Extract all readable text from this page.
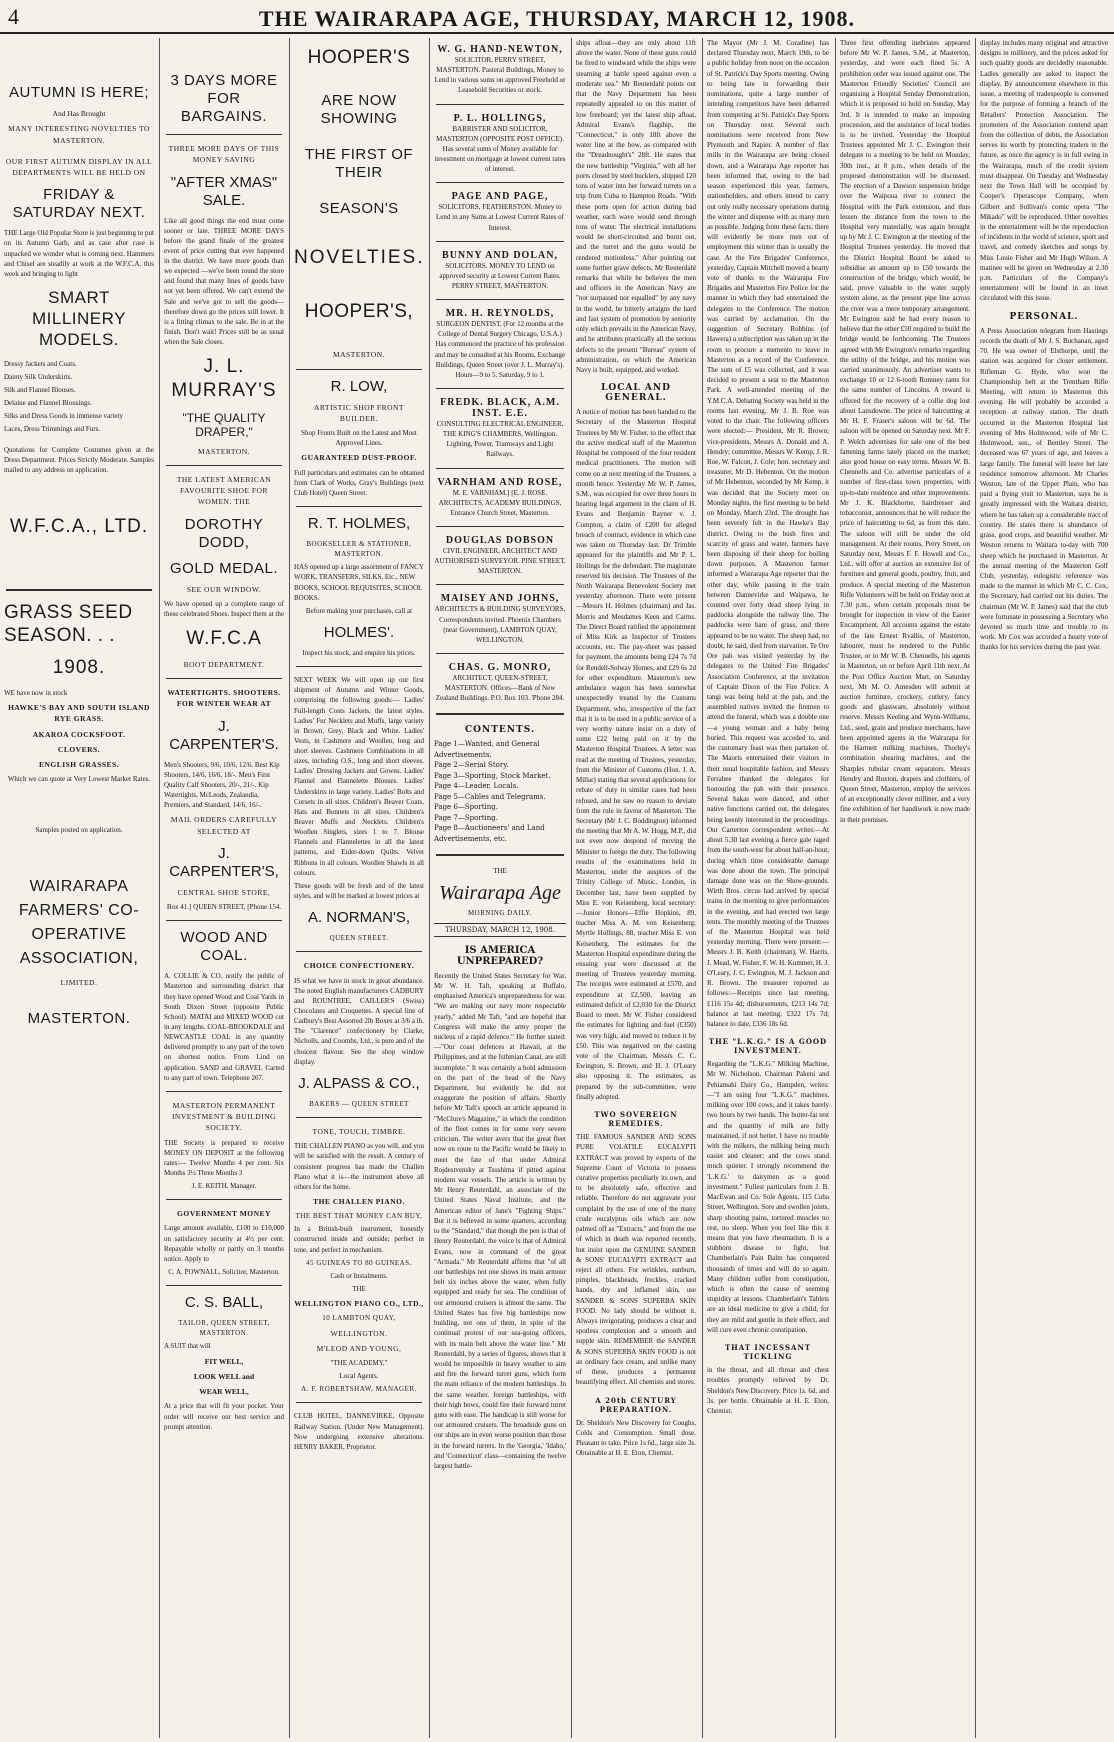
4	THE WAIRARAPA AGE, THURSDAY, MARCH 12, 1908.
AUTUMN IS HERE;
And Has Brought
MANY INTERESTING NOVELTIES TO MASTERTON.
OUR FIRST AUTUMN DISPLAY IN ALL DEPARTMENTS WILL BE HELD ON
FRIDAY & SATURDAY NEXT.
THE Large Old Popular Store is just beginning to put on its Autumn Garb, and as case after case is unpacked we wonder what is coming next. Hammers and Chisel are steadily at work at the W.F.C.A. this week and bringing to light
SMART MILLINERY MODELS.
Dressy Jackets and Coats.
Dainty Silk Underskirts.
Silk and Flannel Blouses.
Delaine and Flannel Blousings.
Silks and Dress Goods in immense variety
Laces, Dress Trimmings and Furs.
Quotations for Complete Costumes given at the Dress Department. Prices Strictly Moderate. Samples mailed to any address on application.
W.F.C.A., LTD.
GRASS SEED SEASON. . .
1908.
WE have now in stock
HAWKE'S BAY AND SOUTH ISLAND RYE GRASS.
AKAROA COCKSFOOT.
CLOVERS.
ENGLISH GRASSES.
Which we can quote at Very Lowest Market Rates.
Samples posted on application.
WAIRARAPA FARMERS' CO-OPERATIVE ASSOCIATION,
LIMITED.
MASTERTON.
3 DAYS MORE FOR BARGAINS.
THREE MORE DAYS OF THIS MONEY SAVING
"AFTER XMAS" SALE.
Like all good things the end must come sooner or late. THREE MORE DAYS before the grand finale of the greatest event of price cutting that ever happened in the district. We have more goods than we expected —we've been round the store and found that many lines of goods have not yet been offered. We can't extend the Sale and we've got to sell the goods—therefore down go the prices still lower. It is a fitting climax to the sale. Be in at the finish. Don't wait! Prices still be as usual when the Sale closes.
J. L. MURRAY'S
"THE QUALITY DRAPER,"
MASTERTON.
THE LATEST AMERICAN FAVOURITE SHOE FOR WOMEN. THE
DOROTHY DODD,
GOLD MEDAL.
SEE OUR WINDOW.
We have opened up a complete range of these celebrated Shoes. Inspect them at the
W.F.C.A
BOOT DEPARTMENT.
WATERTIGHTS. SHOOTERS. FOR WINTER WEAR AT
J. CARPENTER'S.
Men's Shooters, 9/6, 10/6, 12/6. Best Kip Shooters, 14/6, 16/6, 18/-. Men's First Quality Calf Shooters, 20/-, 21/-. Kip Watertights, McLeods, Zealandia, Premiers, and Standard, 14/6, 16/-.
MAIL ORDERS CAREFULLY SELECTED AT
J. CARPENTER'S,
CENTRAL SHOE STORE,
Box 41.] QUEEN STREET, [Phone 154.
WOOD AND COAL.
A. COLLIE & CO. notify the public of Masterton and surrounding district that they have opened Wood and Coal Yards in South Dixon Street (opposite Public School). MATAI and MIXED WOOD cut in any lengths. COAL-BROOKDALE and NEWCASTLE COAL in any quantity delivered promptly to any part of the town on shortest notice. From Lind on application. SAND and GRAVEL Carted to any part of town. Telephone 267.
MASTERTON PERMANENT INVESTMENT & BUILDING SOCIETY.
THE Society is prepared to receive MONEY ON DEPOSIT at the following rates:— Twelve Months 4 per cent. Six Months 3½ Three Months 3
J. E. KEITH, Manager.
GOVERNMENT MONEY
Large amount available, £100 to £10,000 on satisfactory security at 4½ per cent. Repayable wholly or partly on 3 months notice. Apply to
C. A. POWNALL, Solicitor, Masterton.
C. S. BALL,
TAILOR, QUEEN STREET, MASTERTON.
A SUIT that will
FIT WELL,
LOOK WELL and
WEAR WELL,
At a price that will fit your pocket. Your order will receive our best service and prompt attention.
HOOPER'S
ARE NOW SHOWING
THE FIRST OF THEIR
SEASON'S
NOVELTIES.
HOOPER'S,
MASTERTON.
R. LOW,
ARTISTIC SHOP FRONT BUILDER.
Shop Fronts Built on the Latest and Most Approved Lines.
GUARANTEED DUST-PROOF.
Full particulars and estimates can be obtained from Clark of Works, Gray's Buildings (next Club Hotel) Queen Street.
R. T. HOLMES,
BOOKSELLER & STATIONER, MASTERTON.
HAS opened up a large assortment of FANCY WORK, TRANSFERS, SILKS, Etc., NEW BOOKS, SCHOOL REQUISITES, SCHOOL BOOKS.
Before making your purchases, call at
HOLMES'.
Inspect his stock, and enquire his prices.
NEXT WEEK We will open up our first shipment of Autumn and Winter Goods, comprising the following goods:— Ladies' Full-length Costs Jackets, the latest styles. Ladies' Fur Necklets and Muffs, large variety in Brown, Grey, Black and White. Ladies' Vests, in Cashmere and Woollen, long and short sleeves. Cashmere Combinations in all sizes, including O.S., long and short sleeves. Ladies' Dressing Jackets and Gowns. Ladies' Flannel and Flannelette Blouses. Ladies' Underskirts in large variety. Ladies' Bolts and Corsets in all sizes. Children's Beaver Coats, Hats and Bonnets in all sizes. Children's Beaver Muffs and Necklets. Children's Woollen Singlets, sizes 1 to 7. Blouse Flannels and Flannelettes in all the latest patterns, and Eider-down Quilts. Velvet Ribbons in all colours. Woollen Shawls in all colours.
These goods will be fresh and of the latest styles, and will be marked at lowest prices at
A. NORMAN'S,
QUEEN STREET.
CHOICE CONFECTIONERY.
IS what we have in stock in great abundance. The noted English manufacturers CADBURY and ROUNTREE, CAILLER'S (Swiss) Chocolates and Croquettes. A special line of Cadbury's Best Assorted 2lb Boxes at 3/6 a lb. The "Clarence" confectionery by Clarke, Nicholls, and Coombs, Ltd., is pure and of the choicest flavour. See the shop window display.
J. ALPASS & CO.,
BAKERS — QUEEN STREET
TONE, TOUCH, TIMBRE.
THE CHALLEN PIANO as you will, and you will be satisfied with the result. A century of consistent progress has made the Challen Piano what it is—the instrument above all others for the home.
THE CHALLEN PIANO.
THE BEST THAT MONEY CAN BUY,
In a British-built instrument, honestly constructed inside and outside; perfect in tone, and perfect in mechanism.
45 GUINEAS TO 80 GUINEAS.
Cash or Instalments.
THE
WELLINGTON PIANO CO., LTD.,
10 LAMBTON QUAY,
WELLINGTON.
M'LEOD AND YOUNG,
"THE ACADEMY,"
Local Agents.
A. F. ROBERTSHAW, MANAGER.
CLUB HOTEL, DANNEVIRKE, Opposite Railway Station. (Under New Management). Now undergoing extensive alterations. HENRY BAKER, Proprietor.
W. G. HAND-NEWTON,
SOLICITOR, PERRY STREET, MASTERTON. Pasteral Buildings, Money to Lend in various sums on approved Freehold or Leasehold Securities or stock.
P. L. HOLLINGS,
BARRISTER AND SOLICITOR, MASTERTON (OPPOSITE POST OFFICE). Has several sums of Money available for investment on mortgage at lowest current rates of interest.
PAGE AND PAGE,
SOLICITORS, FEATHERSTON. Money to Lend in any Sums at Lowest Current Rates of Interest.
BUNNY AND DOLAN,
SOLICITORS. MONEY TO LEND on approved security at Lowest Current Rates. PERRY STREET, MASTERTON.
MR. H. REYNOLDS,
SURGEON DENTIST, (For 12 months at the College of Dental Surgery Chicago, U.S.A.) Has commenced the practice of his profession and may be consulted at his Rooms, Exchange Buildings, Queen Street (over J. L. Murray's). Hours—9 to 5. Saturday, 9 to 1.
FREDK. BLACK, A.M. INST. E.E.
CONSULTING ELECTRICAL ENGINEER, THE KING'S CHAMBERS, Wellington. Lighting, Power, Tramways and Light Railways.
VARNHAM AND ROSE,
M. E. VARNHAM.] [E. J. ROSE. ARCHITECTS, ACADEMY BUILDINGS, Entrance Church Street, Masterton.
DOUGLAS DOBSON
CIVIL ENGINEER, ARCHITECT AND AUTHORISED SURVEYOR. PINE STREET, MASTERTON.
MAISEY AND JOHNS,
ARCHITECTS & BUILDING SURVEYORS, Correspondents invited. Phoenix Chambers (near Government), LAMBTON QUAY, WELLINGTON.
CHAS. G. MONRO,
ARCHITECT, QUEEN-STREET, MASTERTON. Offices—Bank of New Zealand Buildings. P.O. Box 103. 'Phone 284.
CONTENTS.
Page 1—Wanted, and General Advertisements.
Page 2—Serial Story.
Page 3—Sporting, Stock Market.
Page 4—Leader, Locals.
Page 5—Cables and Telegrams.
Page 6—Sporting.
Page 7—Sporting.
Page 8—Auctioneers' and Land Advertisements, etc.
THE
Wairarapa Age
MORNING DAILY.
THURSDAY, MARCH 12, 1908.
IS AMERICA UNPREPARED?
Recently the United States Secretary for War, Mr W. H. Taft, speaking at Buffalo, emphasised America's unpreparedness for war. "We are making our navy more respectable yearly," added Mr Taft, "and are hopeful that Congress will make the army proper the nucleus of a rapid defence." He further stated:—"Our coast defences at Hawaii, at the Philippines, and at the Isthmian Canal, are still incomplete." It was certainly a bold admission on the part of the head of the Navy Department, but evidently he did not exaggerate the position of affairs. Shortly before Mr Taft's speech an article appeared in "McClure's Magazine," in which the condition of the fleet comes in for some very severe criticism. The writer avers that the great fleet now en route to the Pacific would be likely to meet the fate of that under Admiral Rojdestvensky at Tsushima if pitted against modern war vessels. The article is written by Mr Henry Reuterdahl, an associate of the United States Naval Institute, and the American editor of Jane's "Fighting Ships." But it is believed in some quarters, according to the "Standard," that though the pen is that of Henry Reuterdahl, the voice is that of Admiral Evans, now in command of the great "Armada." Mr Reuterdahl affirms that "of all our battleships not one shows its main armour belt six inches above the water, when fully equipped and ready for sea. The condition of our armoured cruisers is almost the same. The United States has five big battleships now building, not one of them, in spite of the continual protest of our sea-going officers, with its main belt above the water line." Mr Reuterdahl, by a series of figures, shows that it would be impossible in heavy weather to aim and fire the forward turret guns, which form the main reliance of the modern battleships. In the same weather, foreign battleships, with their high bows, could fire their forward turret guns with ease. The handicap is still worse for our armoured cruisers. The broadside guns on our ships are in even worse position than those in the forward turrets. In the 'Georgia,' 'Idaho,' and 'Connecticut' class—containing the twelve largest battle-
ships afloat—they are only about 11ft above the water. None of these guns could be fired to windward while the ships were steaming at battle speed against even a moderate sea." Mr Reuterdahl points out that the Navy Department has been repeatedly appealed to on this matter of low freeboard; yet the latest ship afloat, Admiral Evans's flagship, the "Connecticut," is only 18ft above the water line at the bow, as compared with the "Dreadnought's" 28ft. He states that the new battleship "Virginia," with all her ports closed by steel bucklers, shipped 120 tons of water into her forward turrets on a trip from Cuba to Hampton Roads. "With these ports open for action during bad weather, each wave would send through tons of water. The electrical installations would be short-circuited and burnt out, and the turret and the guns would be rendered motionless." After pointing out some further grave defects, Mr Reuterdahl remarks that while he believes the men and officers in the American Navy are "not surpassed nor equalled" by any navy in the world, he bitterly arraigns the hard and fast system of promotion by seniority only which prevails in the American Navy, and he attributes practically all the serious defects to the present "Bureau" system of administration, on which the American Navy is built, equipped, and worked.
LOCAL AND GENERAL.
A notice of motion has been handed to the Secretary of the Masterton Hospital Trustees by Mr W. Fisher, to the effect that the active medical staff of the Masterton Hospital be composed of the four resident medical practitioners. The motion will come on at next meeting of the Trustees, a month hence. Yesterday Mr W. P. James, S.M., was occupied for over three hours in hearing legal argument in the claim of H. Evans and Benjamin Rayner v. J. Compton, a claim of £200 for alleged breach of contract, evidence in which case was taken on Thursday last. Dr Trimble appeared for the plaintiffs and Mr P. L. Hollings for the defendant. The magistrate reserved his decision. The Trustees of the North Wairarapa Benevolent Society met yesterday afternoon. There were present —Messrs H. Holmes (chairman) and Jas. Morris and Mesdames Keen and Cairns. The Direct Board ratified the appointment of Miss Kirk as Inspector of Trustees accounts, etc. The pay-sheet was passed for payment, the amounts being £24 7s 7d for Rendell-Solway Homes, and £29 6s 2d for other expenditure. Masterton's new ambulance wagon has been somewhat unexpectedly treated by the Customs Department, who, irrespective of the fact that it is to be used in a public service of a very worthy nature insist on a duty of some £22 being paid on it by the Masterton Hospital Trustees. A letter was read at the meeting of Trustees, yesterday, from the Minister of Customs (Hon. J. A. Millar) stating that several applications for rebate of duty in similar cases had been refused, and he saw no reason to deviate from the rule in favour of Masterton. The Secretary (Mr J. C. Boddington) informed the meeting that Mr A. W. Hogg, M.P., did not even now despond of moving the Minister to forego the duty. The following results of the examinations held in Masterton, under the auspices of the Trinity College of Music, London, in December last, have been supplied by Miss E. von Keisenberg, local secretary:—Junior Honors—Effie Hopkins, 89, teacher Miss A. M. von Keisenberg; Myrtle Hollings, 88, teacher Miss E. von Keisenberg. The estimates for the Masterton Hospital expenditure during the ensuing year were discussed at the meeting of Trustees yesterday morning. The receipts were estimated at £570, and expenditure at £2,500, leaving an estimated deficit of £2,030 for the District Board to meet. Mr W. Fisher considered the estimates for lighting and fuel (£350) was very high, and moved to reduce it by £50. This was negatived on the casting vote of the Chairman, Messrs C. C. Ewington, S. Brown, and H. J. O'Leary also opposing it. The estimates, as prepared by the sub-committee, were finally adopted.
TWO SOVEREIGN REMEDIES.
THE FAMOUS SANDER AND SONS PURE VOLATILE EUCALYPTI EXTRACT was proved by experts of the Supreme Court of Victoria to possess curative properties peculiarly its own, and to be absolutely safe, effective and reliable. Therefore do not aggravate your complaint by the use of one of the many crude eucalyptus oils which are now palmed off as "Extracts," and from the use of which in death was reported recently, but insist upon the GENUINE SANDER & SONS' EUCALYPTI EXTRACT and reject all others. For wrinkles, sunburn, pimples, blackheads, freckles, cracked hands, dry and inflamed skin, use SANDER & SONS SUPERBA SKIN FOOD. No lady should be without it. Always invigorating, produces a clear and spotless complexion and a smooth and supple skin. REMEMBER the SANDER & SONS SUPERBA SKIN FOOD is not an ordinary face cream, and unlike many of these, produces a permanent beautifying effect. All chemists and stores.
A 20th CENTURY PREPARATION.
Dr. Sheldon's New Discovery for Coughs, Colds and Consumption. Small dose. Pleasant to take. Price 1s 6d., large size 3s. Obtainable at H. E. Eton, Chemist.
The Mayor (Mr J. M. Coradine) has declared Thursday next, March 19th, to be a public holiday from noon on the occasion of St. Patrick's Day Sports meeting. Owing to being late in forwarding their nominations, quite a large number of intending competitors have been debarred from competing at St. Patrick's Day Sports on Thursday next. Several such nominations were received from New Plymouth and Napier. A number of flax mills in the Wairarapa are being closed down, and a Wairarapa Age reporter has been informed that, owing to the bad season experienced this year, farmers, stationholders, and others intend to carry out only really necessary operations during the winter and dispense with as many men as possible. Judging from these facts, there will evidently be more men out of employment this winter than is usually the case. At the Fire Brigades' Conference, yesterday, Captain Mitchell moved a hearty vote of thanks to the Wairarapa Fire Brigades and Masterton Fire Police for the manner in which they had entertained the delegates to the Conference. The motion was carried by acclamation. On the suggestion of Secretary Robbins (of Hawera) a subscription was taken up in the room to procure a memento to leave in Masterton as a record of the Conference. The sum of £5 was collected, and it was decided to present a seat to the Masterton Park. A well-attended meeting of the Y.M.C.A. Debating Society was held in the rooms last evening. Mr J. B. Roe was voted to the chair. The following officers were elected:— President, Mr R. Brown; vice-presidents, Messrs A. Donald and A. Hendry; committee, Messrs W. Kemp, J. R. Roe, W. Falcon, J. Cole; hon. secretary and treasurer, Mr D. Hebenton. On the motion of Mr Hebenton, seconded by Mr Kemp, it was decided that the Society meet on Monday nights, the first meeting to be held on Monday, March 23rd. The drought has been severely felt in the Hawke's Bay district. Owing to the bush fires and scarcity of grass and water, farmers have been disposing of their sheep for boiling down purposes. A Masterton farmer informed a Wairarapa Age reporter that the other day, while passing in the train between Dannevirke and Waipawa, he counted over forty dead sheep lying in paddocks alongside the railway line. The paddocks were bare of grass, and there appeared to be no water. The sheep had, no doubt, he said, died from starvation. Te Ore Ore pah was visited yesterday by the delegates to the United Fire Brigades' Association Conference, at the invitation of Captain Dixon of the Fire Police. A tangi was being held at the pah, and the assembled natives invited the firemen to attend the funeral, which was a double one—a young woman and a baby being buried. This request was acceded to, and the customary feast was then partaken of. The Maoris entertained their visitors in their usual hospitable fashion, and Messrs Ferrabee thanked the delegates for honouring the pah with their presence. Several hakas were danced, and other native functions carried out, the delegates being keenly interested in the proceedings. Our Carterton correspondent writes:—At about 5.30 last evening a fierce gale raged from the south-west for about half-an-hour, during which time considerable damage was done about the town. The principal damage done was on the Show-grounds. Wirth Bros. circus had arrived by special trains in the morning to give performances in the evening, and had erected two large tents. The monthly meeting of the Trustees of the Masterton Hospital was held yesterday morning. There were present:—Messrs J. B. Keith (chairman), W. Harris, J. Mead, W. Fisher, F. W. H. Kummer, H. J. O'Leary, J. C. Ewington, M. J. Jackson and R. Brown. The treasurer reported as follows:—Receipts since last meeting, £116 15s 4d; disbursements, £213 14s 7d; balance at last meeting, £322 17s 7d; balance to date, £336 18s 6d.
THE "L.K.G." IS A GOOD INVESTMENT.
Regarding the "L.K.G." Milking Machine, Mr W. Nicholson, Chairman Pakeni and Pehiamahi Dairy Co., Hampden, writes:—"I am using four "L.K.G." machines, milking over 100 cows, and it takes barely two hours by two hands. The butter-fat test and the quantity of milk are fully maintained, if not better. I have no trouble with the milkers, the milking being much easier and cleaner; and the cows stand much quieter. I strongly recommend the 'L.K.G.' to dairymen as a good investment." Fullest particulars from J. B. MacEwan and Co. Sole Agents, 115 Cuba Street, Wellington. Sore and swollen joints, sharp shooting pains, tortured muscles no rest, no sleep. When you feel like this it means that you have rheumatism. It is a stubborn disease to fight, but Chamberlain's Pain Balm has conquered thousands of times and will do so again. Many children suffer from constipation, which is often the cause of seeming stupidity at lessons. Chamberlain's Tablets are an ideal medicine to give a child, for they are mild and gentle in their effect, and will cure even chronic constipation.
THAT INCESSANT TICKLING
in the throat, and all throat and chest troubles promptly relieved by Dr. Sheldon's New Discovery. Price 1s. 6d. and 3s. per bottle. Obtainable at H. E. Eton, Chemist.
Three first offending inebriates appeared before Mr W. P. James, S.M., at Masterton, yesterday, and were each fined 5s. A prohibition order was issued against one. The Masterton Friendly Societies' Council are organising a Hospital Sunday Demonstration, which it is proposed to hold on Sunday, May 3rd. It is intended to make an imposing procession, and the assistance of local bodies is to be invited. Yesterday the Hospital Trustees appointed Mr J. C. Ewington their delegate to a meeting to be held on Monday, 30th inst., at 8 p.m., when details of the proposed demonstration will be discussed. The erection of a Dawson suspension bridge over the Waipoua river to connect the Hospital with the Park extension, and thus lessen the distance from the town to the Hospital very materially, was again brought up by Mr J. C. Ewington at the meeting of the Hospital Trustees yesterday. He moved that the District Hospital Board be asked to subsidise an amount up to £50 towards the construction of the bridge, which would, he said, prove valuable to the water supply system alone, as the present pipe line across the river was a mere temporary arrangement. Mr Ewington said he had every reason to believe that the other £50 required to build the bridge would be forthcoming. The Trustees agreed with Mr Ewington's remarks regarding the utility of the bridge, and his motion was carried unanimously. An advertiser wants to exchange 10 or 12 6-tooth Romney rams for the same number of Lincolns. A reward is offered for the recovery of a collie dog lost about Lansdowne. The price of haircutting at Mr H. F. Fraser's saloon will be 6d. The saloon will be opened on Saturday next. Mr F. P. Welch advertises for sale one of the best fattening farms lately placed on the market; also good house on easy terms. Messrs W. B. Chennells and Co. advertise particulars of a number of first-class town properties, with up-to-date residence and other improvements. Mr J. K. Blackhorne, hairdresser and tobacconist, announces that he will reduce the price of haircutting to 6d, as from this date. The saloon will still be under the old management. At their rooms, Perry Street, on Saturday next, Messrs F. F. Howell and Co., Ltd., will offer at auction an extensive list of furniture and general goods, poultry, fruit, and produce. A special meeting of the Masterton Rifle Volunteers will be held on Friday next at 7.30 p.m., when certain proposals must be brought for inspection in view of the Easter Encampment. All accounts against the estate of the late Ernest Rvallis, of Masterton, labourer, must be rendered to the Public Trustee, or to Mr W. B. Chennells, his agents in Masterton, on or before April 11th next. At the Post Office Auction Mart, on Saturday next, Mr M. O. Amesden will submit at auction furniture, crockery, cutlery, fancy goods and glassware, absolutely without reserve. Messrs Keeling and Wynn-Williams, Ltd., seed, grain and produce merchants, have been appointed agents in the Wairarapa for the Hartnett milking machines, Thorley's combination shearing machines, and the Sharples tubular cream separators. Messrs Hendry and Buxton, drapers and clothiers, of Queen Street, Masterton, employ the services of an exceptionally clever milliner, and a very fine exhibition of her handiwork is now made in their premises.
display includes many original and attractive designs in millinery, and the prices asked for such quality goods are decidedly reasonable. Ladies generally are asked to inspect the display. By announcement elsewhere in this issue, a meeting of tradespeople is convened for the purpose of forming a branch of the Retailers' Protection Association. The promoters of the Association contend apart from the collection of debts, the Association serves its worth by protecting traders in the future, as once the agency is in full swing in the Wairarapa, much of the credit system must disappear. On Tuesday and Wednesday next the Town Hall will be occupied by Cooper's Operascope Company, when Gilbert and Sullivan's comic opera "The Mikado" will be reproduced. Other novelties in the entertainment will be the reproduction of incidents in the world of science, sport and travel, and comedy sketches and songs by Miss Louie Fisher and Mr Hugh Wilson. A matinee will be given on Wednesday at 2.30 p.m. Particulars of the Company's entertainment will be found in an inset circulated with this issue.
PERSONAL.
A Press Association telegram from Hastings records the death of Mr J. S. Buchanan, aged 70. He was owner of Elsthorpe, until the station was acquired for closer settlement. Rifleman G. Hyde, who won the Championship belt at the Trentham Rifle Meeting, will return to Masterton this evening. He will probably be accorded a reception at railway station. The death occurred in the Masterton Hospital last evening of Mrs Holmwood, wife of Mr C. Holmwood, sen., of Bentley Street. The deceased was 67 years of age, and leaves a large family. The funeral will leave her late residence tomorrow afternoon. Mr Charles Weston, late of the Upper Plain, who has paid a flying visit to Masterton, says he is greatly impressed with the Waitara district, where he has taken up a considerable tract of country. He states there is abundance of grass, good crops, and beautiful weather. Mr Weston returns to Waitara to-day with 700 sheep which he purchased in Masterton. At the annual meeting of the Masterton Golf Club, yesterday, eulogistic reference was made to the manner in which Mr C. C. Cox, the Secretary, had carried out his duties. The chairman (Mr W. P. James) said that the club were fortunate in possessing a Secretary who devoted so much time and trouble to its work. Mr Cox was accorded a hearty vote of thanks for his services during the past year.
